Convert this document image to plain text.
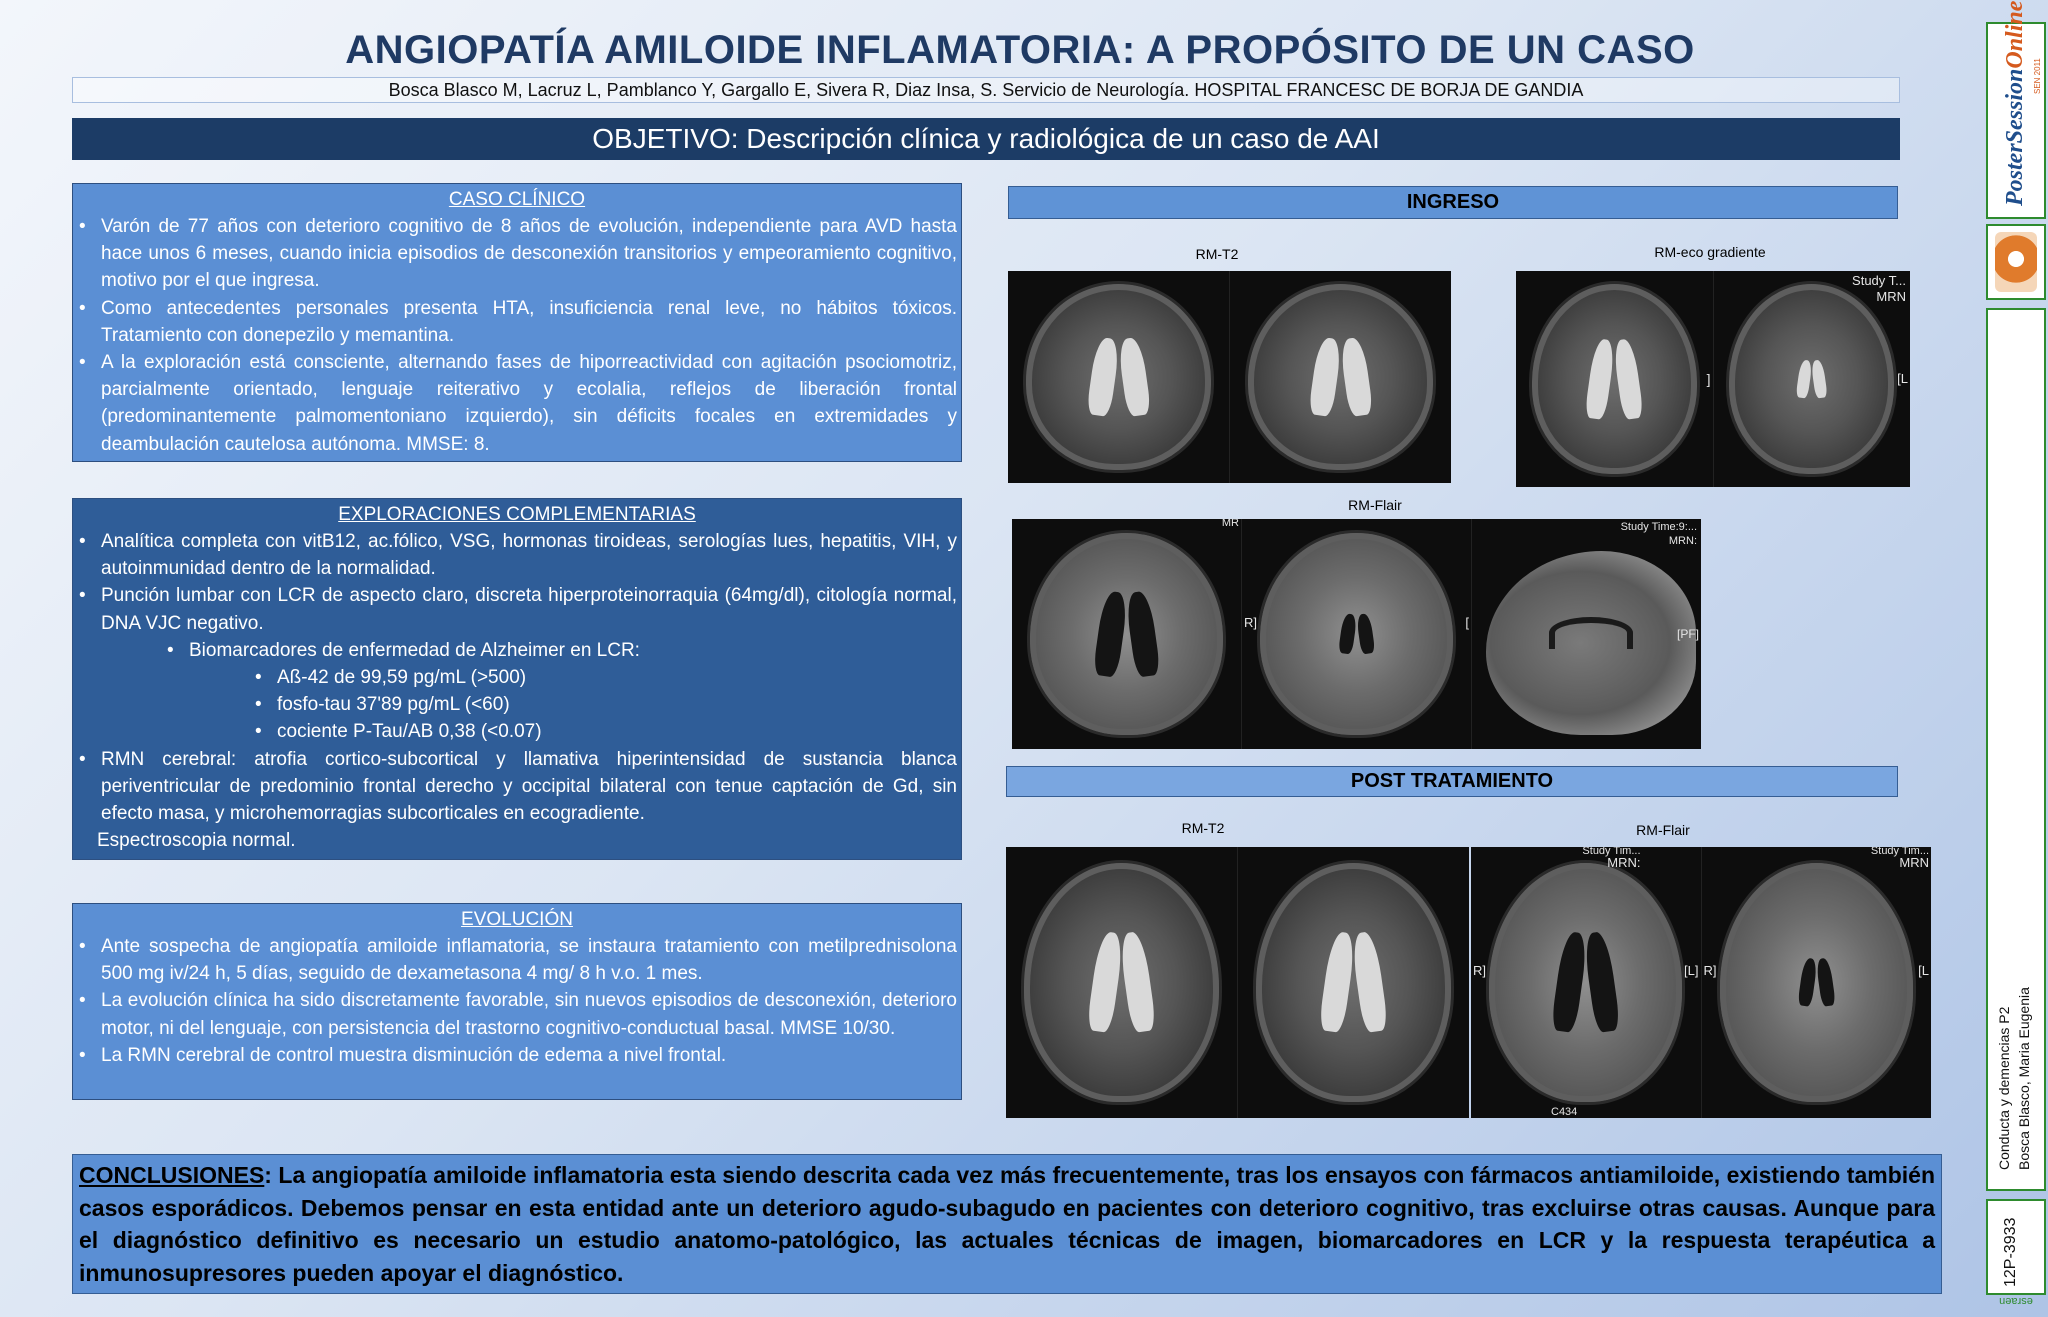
ANGIOPATÍA AMILOIDE INFLAMATORIA: A PROPÓSITO DE UN CASO
Bosca Blasco M, Lacruz L, Pamblanco Y, Gargallo E, Sivera R, Diaz Insa, S. Servicio de Neurología. HOSPITAL FRANCESC DE BORJA DE GANDIA
OBJETIVO: Descripción clínica y radiológica de un caso de AAI
CASO CLÍNICO
• Varón de 77 años con deterioro cognitivo de 8 años de evolución, independiente para AVD hasta hace unos 6 meses, cuando inicia episodios de desconexión transitorios y empeoramiento cognitivo, motivo por el que ingresa.
• Como antecedentes personales presenta HTA, insuficiencia renal leve, no hábitos tóxicos. Tratamiento con donepezilo y memantina.
• A la exploración está consciente, alternando fases de hiporreactividad con agitación psociomotriz, parcialmente orientado, lenguaje reiterativo y ecolalia, reflejos de liberación frontal (predominantemente palmomentoniano izquierdo), sin déficits focales en extremidades y deambulación cautelosa autónoma. MMSE: 8.
EXPLORACIONES COMPLEMENTARIAS
• Analítica completa con vitB12, ac.fólico, VSG, hormonas tiroideas, serologías lues, hepatitis, VIH, y autoinmunidad dentro de la normalidad.
• Punción lumbar con LCR de aspecto claro, discreta hiperproteinorraquia (64mg/dl), citología normal, DNA VJC negativo.
• Biomarcadores de enfermedad de Alzheimer en LCR:
• Aß-42 de 99,59 pg/mL (>500)
• fosfo-tau 37'89 pg/mL (<60)
• cociente P-Tau/AB 0,38 (<0.07)
• RMN cerebral: atrofia cortico-subcortical y llamativa hiperintensidad de sustancia blanca periventricular de predominio frontal derecho y occipital bilateral con tenue captación de Gd, sin efecto masa, y microhemorragias subcorticales en ecogradiente.

Espectroscopia normal.

EVOLUCIÓN
• Ante sospecha de angiopatía amiloide inflamatoria, se instaura tratamiento con metilprednisolona 500 mg iv/24 h, 5 días, seguido de dexametasona 4 mg/ 8 h v.o. 1 mes.
• La evolución clínica ha sido discretamente favorable, sin nuevos episodios de desconexión, deterioro motor, ni del lenguaje, con persistencia del trastorno cognitivo-conductual basal. MMSE 10/30.
• La RMN cerebral de control muestra disminución de edema a nivel frontal.
INGRESO
RM-T2	RM-eco gradiente
]
Study T...
MRN
[L
RM-Flair
MR
R]	[
Study Time:9:...
MRN:
[PF]
POST TRATAMIENTO
RM-T2	RM-Flair
Study Tim...
MRN:
R]	[L]
C434
Study Tim...
MRN
R]	[L
CONCLUSIONES: La angiopatía amiloide inflamatoria esta siendo descrita cada vez más frecuentemente, tras los ensayos con fármacos antiamiloide, existiendo también casos esporádicos. Debemos pensar en esta entidad ante un deterioro agudo-subagudo en pacientes con deterioro cognitivo, tras excluirse otras causas. Aunque para el diagnóstico definitivo es necesario un estudio anatomo-patológico, las actuales técnicas de imagen, biomarcadores en LCR y la respuesta terapéutica a inmunosupresores pueden apoyar el diagnóstico.
PosterSessionOnline
SEN 2011
Conducta y demencias P2 Bosca Blasco, Maria Eugenia
12P-3933
esraen
